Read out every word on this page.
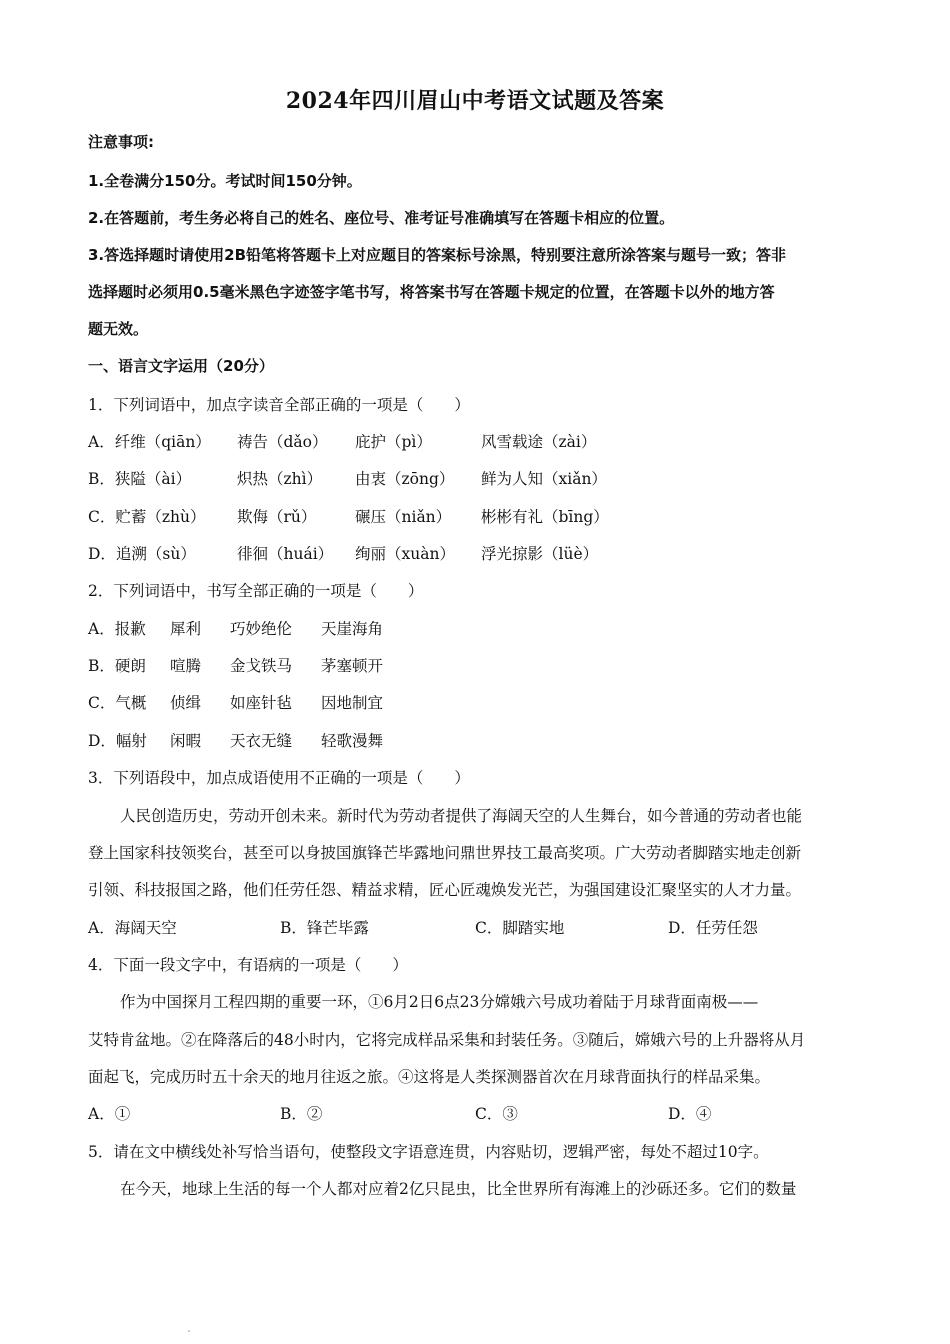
2024年四川眉山中考语文试题及答案
注意事项:
1.全卷满分150分。考试时间150分钟。
2.在答题前，考生务必将自己的姓名、座位号、准考证号准确填写在答题卡相应的位置。
3.答选择题时请使用2B铅笔将答题卡上对应题目的答案标号涂黑，特别要注意所涂答案与题号一致；答非
选择题时必须用0.5毫米黑色字迹签字笔书写，将答案书写在答题卡规定的位置，在答题卡以外的地方答
题无效。
一、语言文字运用（20分）
1．下列词语中，加点字读音全部正确的一项是（　　）
A．纤维（qiān） 祷告（dǎo） 庇护（pì）	风雪载途（zài）
B．狭隘（ài）	炽热（zhì） 由衷（zōng） 鲜为人知（xiǎn）
C．贮蓄（zhù） 欺侮（rǔ） 碾压（niǎn） 彬彬有礼（bīng）
D．追溯（sù）	徘徊（huái） 绚丽（xuàn） 浮光掠影（lüè）
2．下列词语中，书写全部正确的一项是（　　）
A．报歉 犀利 巧妙绝伦 天崖海角
B．硬朗 喧腾 金戈铁马 茅塞顿开
C．气概 侦缉 如座针毡 因地制宜
D．幅射 闲暇 天衣无缝 轻歌漫舞
3．下列语段中，加点成语使用不正确的一项是（　　）
人民创造历史，劳动开创未来。新时代为劳动者提供了海阔天空的人生舞台，如今普通的劳动者也能
登上国家科技领奖台，甚至可以身披国旗锋芒毕露地问鼎世界技工最高奖项。广大劳动者脚踏实地走创新
引领、科技报国之路，他们任劳任怨、精益求精，匠心匠魂焕发光芒，为强国建设汇聚坚实的人才力量。
A．海阔天空	B．锋芒毕露	C．脚踏实地	D．任劳任怨
4．下面一段文字中，有语病的一项是（　　）
作为中国探月工程四期的重要一环，①6月2日6点23分嫦娥六号成功着陆于月球背面南极——
艾特肯盆地。②在降落后的48小时内，它将完成样品采集和封装任务。③随后，嫦娥六号的上升器将从月
面起飞，完成历时五十余天的地月往返之旅。④这将是人类探测器首次在月球背面执行的样品采集。
A．①	B．②	C．③	D．④
5．请在文中横线处补写恰当语句，使整段文字语意连贯，内容贴切，逻辑严密，每处不超过10字。
在今天，地球上生活的每一个人都对应着2亿只昆虫，比全世界所有海滩上的沙砾还多。它们的数量
